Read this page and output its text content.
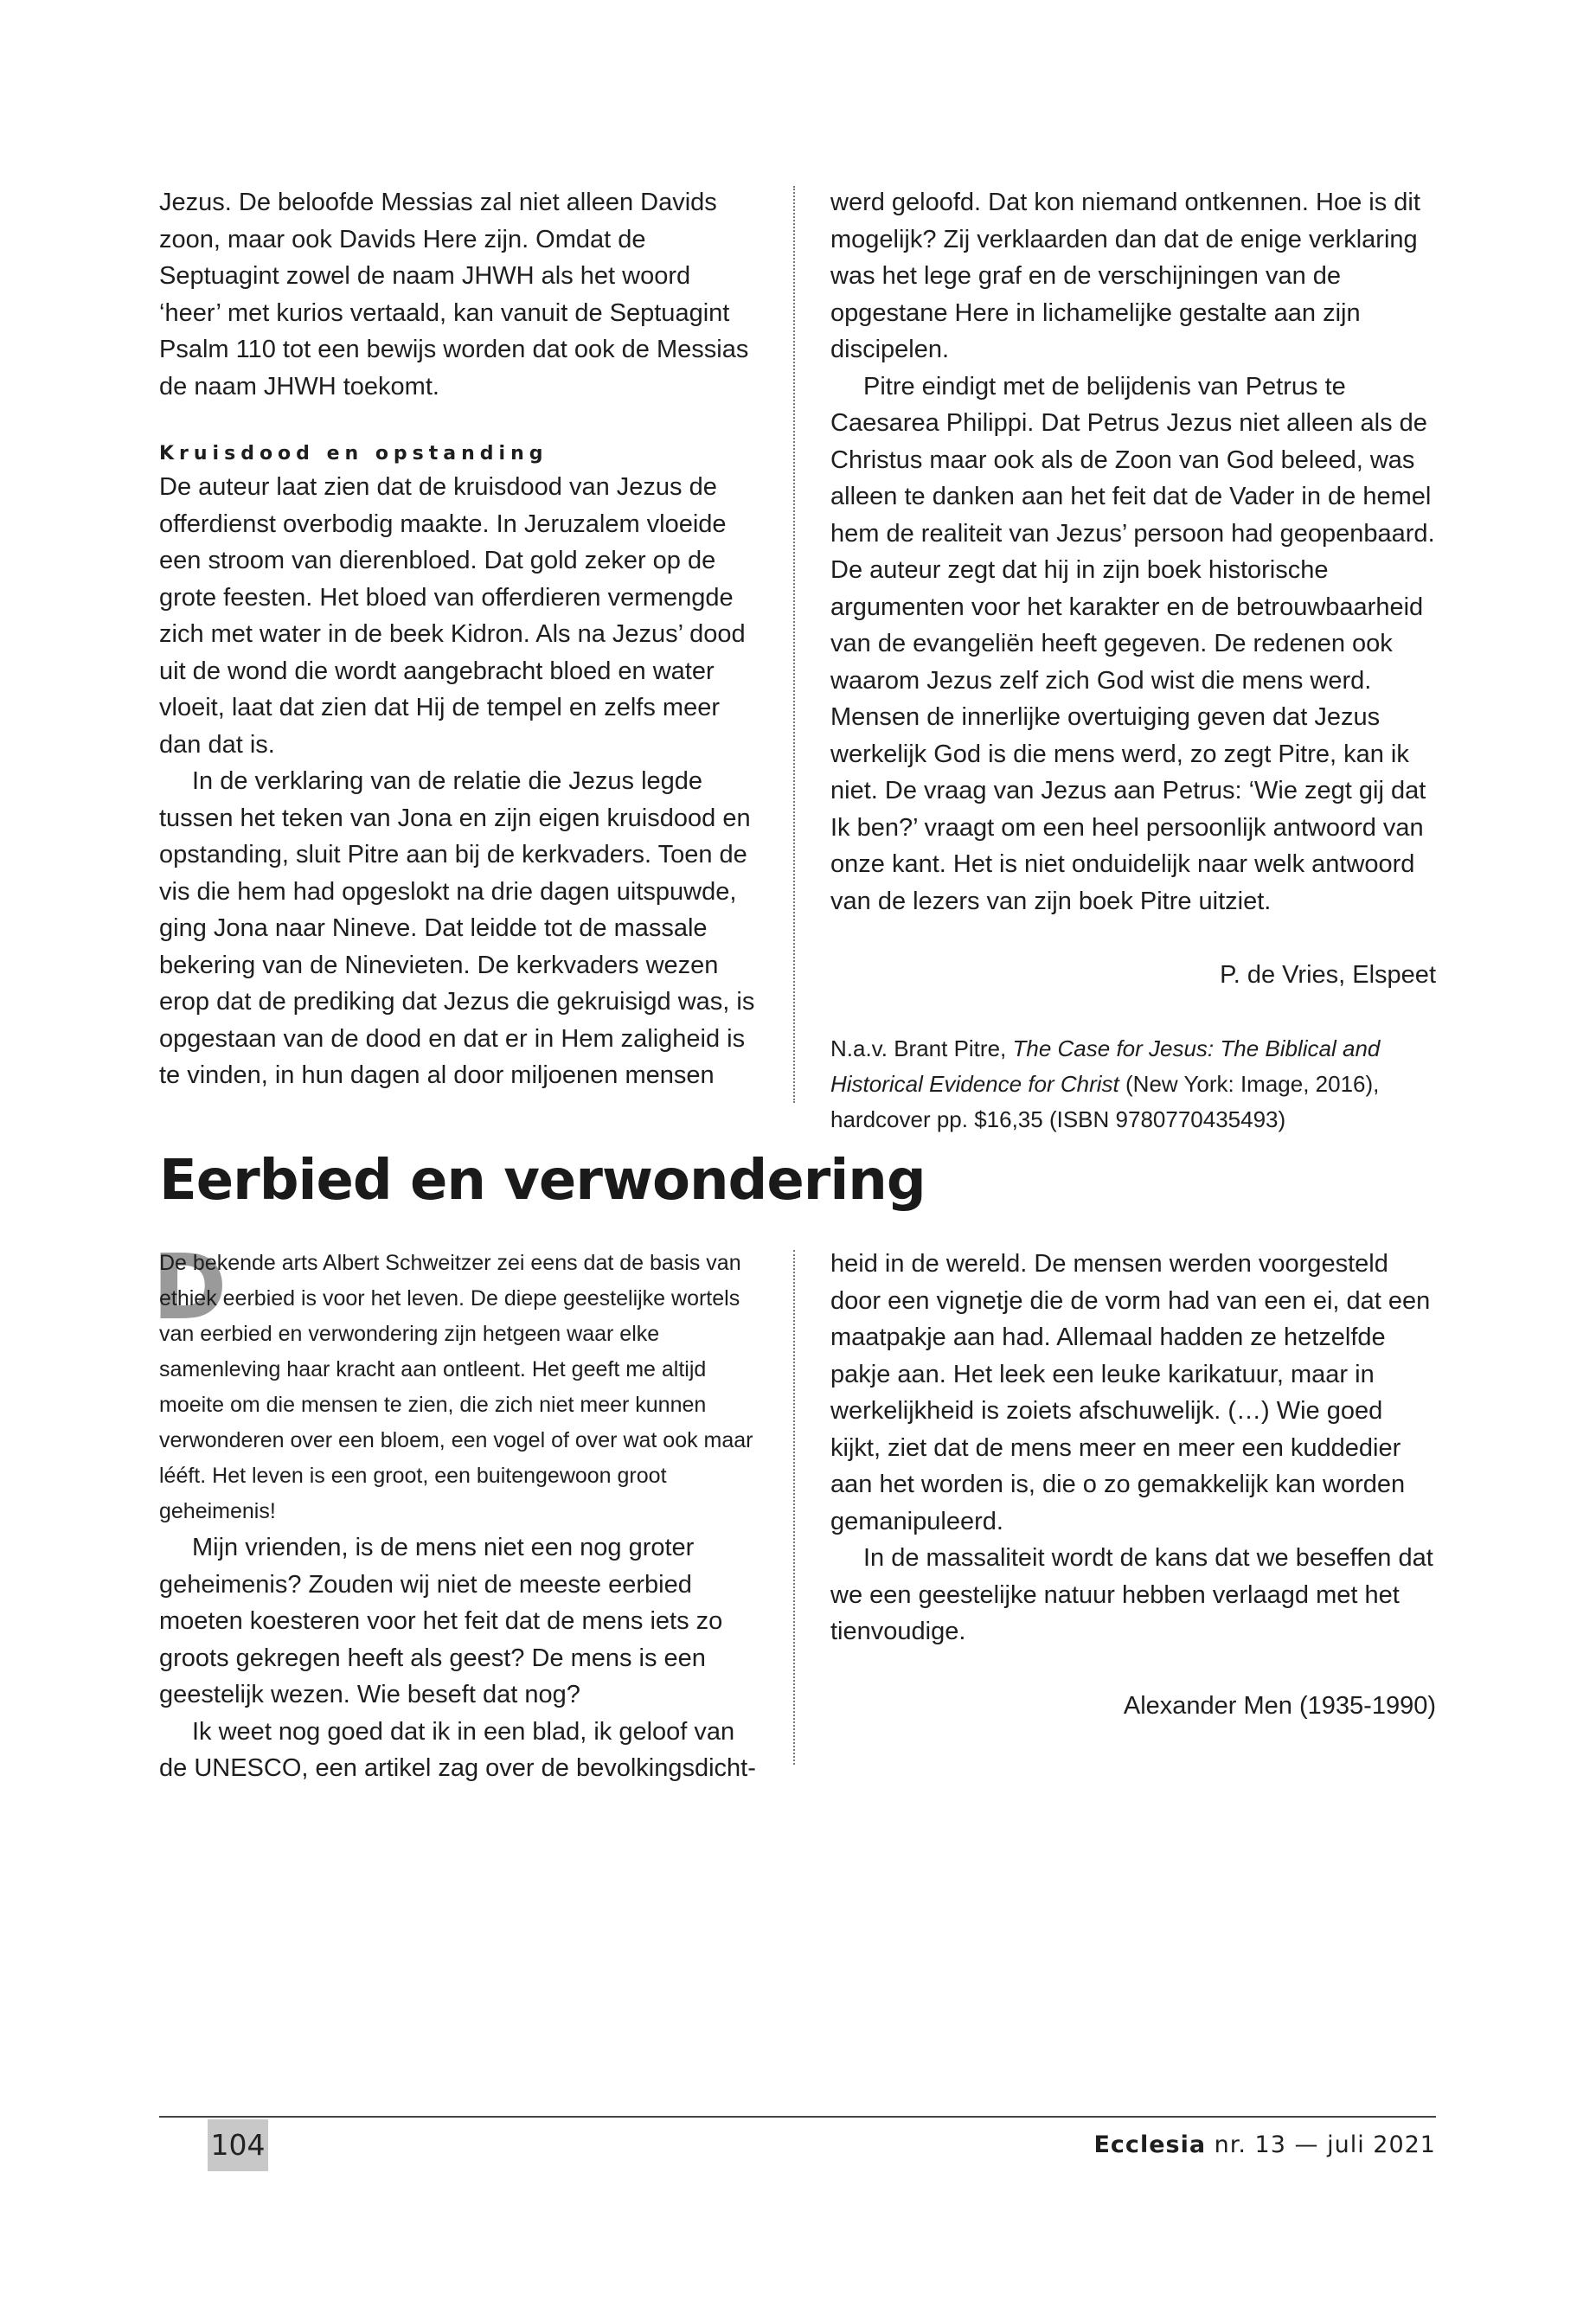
Jezus. De beloofde Messias zal niet alleen Davids zoon, maar ook Davids Here zijn. Omdat de Septuagint zowel de naam JHWH als het woord ‘heer’ met kurios vertaald, kan vanuit de Septuagint Psalm 110 tot een bewijs worden dat ook de Messias de naam JHWH toekomt.

Kruisdood en opstanding

De auteur laat zien dat de kruisdood van Jezus de offerdienst overbodig maakte. In Jeruzalem vloeide een stroom van dierenbloed. Dat gold zeker op de grote feesten. Het bloed van offerdieren vermengde zich met water in de beek Kidron. Als na Jezus’ dood uit de wond die wordt aangebracht bloed en water vloeit, laat dat zien dat Hij de tempel en zelfs meer dan dat is.

In de verklaring van de relatie die Jezus legde tussen het teken van Jona en zijn eigen kruisdood en opstanding, sluit Pitre aan bij de kerkvaders. Toen de vis die hem had opgeslokt na drie dagen uitspuwde, ging Jona naar Nineve. Dat leidde tot de massale bekering van de Ninevieten. De kerkvaders wezen erop dat de prediking dat Jezus die gekruisigd was, is opgestaan van de dood en dat er in Hem zaligheid is te vinden, in hun dagen al door miljoenen mensen

werd geloofd. Dat kon niemand ontkennen. Hoe is dit mogelijk? Zij verklaarden dan dat de enige verklaring was het lege graf en de verschijningen van de opgestane Here in lichamelijke gestalte aan zijn discipelen.

Pitre eindigt met de belijdenis van Petrus te Caesarea Philippi. Dat Petrus Jezus niet alleen als de Christus maar ook als de Zoon van God beleed, was alleen te danken aan het feit dat de Vader in de hemel hem de realiteit van Jezus’ persoon had geopenbaard. De auteur zegt dat hij in zijn boek historische argumenten voor het karakter en de betrouwbaarheid van de evangeliën heeft gegeven. De redenen ook waarom Jezus zelf zich God wist die mens werd. Mensen de innerlijke overtuiging geven dat Jezus werkelijk God is die mens werd, zo zegt Pitre, kan ik niet. De vraag van Jezus aan Petrus: ‘Wie zegt gij dat Ik ben?’ vraagt om een heel persoonlijk antwoord van onze kant. Het is niet onduidelijk naar welk antwoord van de lezers van zijn boek Pitre uitziet.

P. de Vries, Elspeet

N.a.v. Brant Pitre, The Case for Jesus: The Biblical and Historical Evidence for Christ (New York: Image, 2016), hardcover pp. $16,35 (ISBN 9780770435493)

Eerbied en verwondering
D

De bekende arts Albert Schweitzer zei eens dat de basis van ethiek eerbied is voor het leven. De diepe geestelijke wortels van eerbied en verwondering zijn hetgeen waar elke samenleving haar kracht aan ontleent. Het geeft me altijd moeite om die mensen te zien, die zich niet meer kunnen verwonderen over een bloem, een vogel of over wat ook maar lééft. Het leven is een groot, een buitengewoon groot geheimenis!

Mijn vrienden, is de mens niet een nog groter geheimenis? Zouden wij niet de meeste eerbied moeten koesteren voor het feit dat de mens iets zo groots gekregen heeft als geest? De mens is een geestelijk wezen. Wie beseft dat nog?

Ik weet nog goed dat ik in een blad, ik geloof van de UNESCO, een artikel zag over de bevolkingsdicht-

heid in de wereld. De mensen werden voorgesteld door een vignetje die de vorm had van een ei, dat een maatpakje aan had. Allemaal hadden ze hetzelfde pakje aan. Het leek een leuke karikatuur, maar in werkelijkheid is zoiets afschuwelijk. (…) Wie goed kijkt, ziet dat de mens meer en meer een kuddedier aan het worden is, die o zo gemakkelijk kan worden gemanipuleerd.

In de massaliteit wordt de kans dat we beseffen dat we een geestelijke natuur hebben verlaagd met het tienvoudige.

Alexander Men (1935-1990)

104	Ecclesia nr. 13 — juli 2021
